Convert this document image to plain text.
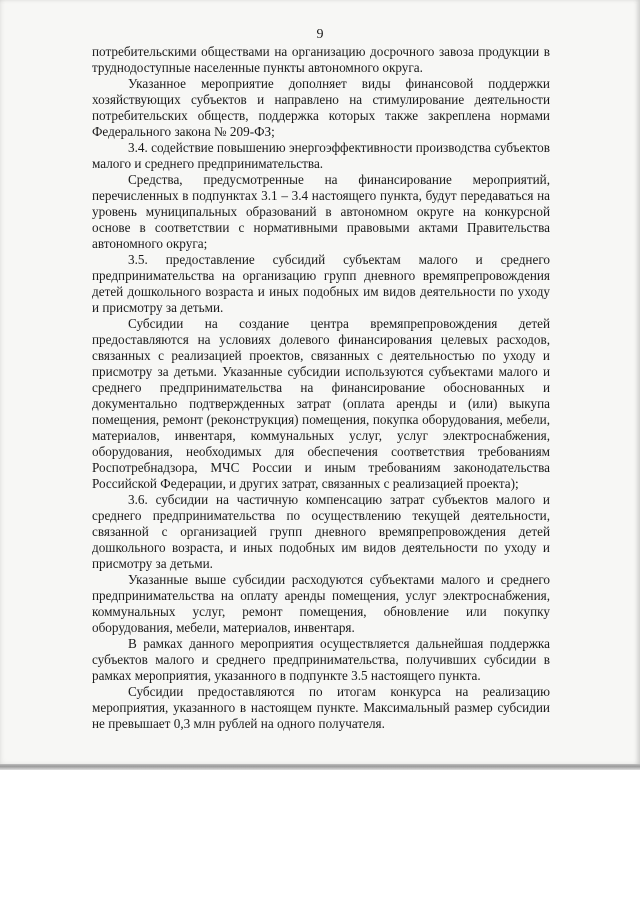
9

потребительскими обществами на организацию досрочного завоза продукции в труднодоступные населенные пункты автономного округа.

Указанное мероприятие дополняет виды финансовой поддержки хозяйствующих субъектов и направлено на стимулирование деятельности потребительских обществ, поддержка которых также закреплена нормами Федерального закона № 209-ФЗ;

3.4. содействие повышению энергоэффективности производства субъектов малого и среднего предпринимательства.

Средства, предусмотренные на финансирование мероприятий, перечисленных в подпунктах 3.1 – 3.4 настоящего пункта, будут передаваться на уровень муниципальных образований в автономном округе на конкурсной основе в соответствии с нормативными правовыми актами Правительства автономного округа;

3.5. предоставление субсидий субъектам малого и среднего предпринимательства на организацию групп дневного времяпрепровождения детей дошкольного возраста и иных подобных им видов деятельности по уходу и присмотру за детьми.

Субсидии на создание центра времяпрепровождения детей предоставляются на условиях долевого финансирования целевых расходов, связанных с реализацией проектов, связанных с деятельностью по уходу и присмотру за детьми. Указанные субсидии используются субъектами малого и среднего предпринимательства на финансирование обоснованных и документально подтвержденных затрат (оплата аренды и (или) выкупа помещения, ремонт (реконструкция) помещения, покупка оборудования, мебели, материалов, инвентаря, коммунальных услуг, услуг электроснабжения, оборудования, необходимых для обеспечения соответствия требованиям Роспотребнадзора, МЧС России и иным требованиям законодательства Российской Федерации, и других затрат, связанных с реализацией проекта);

3.6. субсидии на частичную компенсацию затрат субъектов малого и среднего предпринимательства по осуществлению текущей деятельности, связанной с организацией групп дневного времяпрепровождения детей дошкольного возраста, и иных подобных им видов деятельности по уходу и присмотру за детьми.

Указанные выше субсидии расходуются субъектами малого и среднего предпринимательства на оплату аренды помещения, услуг электроснабжения, коммунальных услуг, ремонт помещения, обновление или покупку оборудования, мебели, материалов, инвентаря.

В рамках данного мероприятия осуществляется дальнейшая поддержка субъектов малого и среднего предпринимательства, получивших субсидии в рамках мероприятия, указанного в подпункте 3.5 настоящего пункта.

Субсидии предоставляются по итогам конкурса на реализацию мероприятия, указанного в настоящем пункте. Максимальный размер субсидии не превышает 0,3 млн рублей на одного получателя.
